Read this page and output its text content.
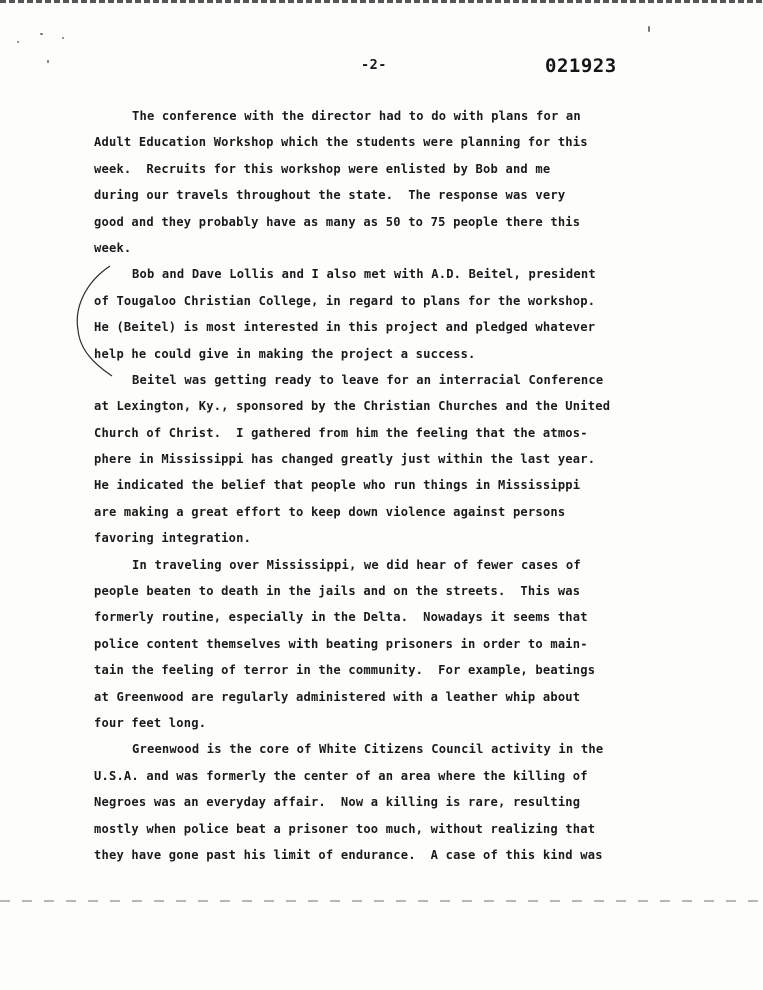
-2-	021923
The conference with the director had to do with plans for an
Adult Education Workshop which the students were planning for this
week.  Recruits for this workshop were enlisted by Bob and me
during our travels throughout the state.  The response was very
good and they probably have as many as 50 to 75 people there this
week.
Bob and Dave Lollis and I also met with A.D. Beitel, president
of Tougaloo Christian College, in regard to plans for the workshop.
He (Beitel) is most interested in this project and pledged whatever
help he could give in making the project a success.
Beitel was getting ready to leave for an interracial Conference
at Lexington, Ky., sponsored by the Christian Churches and the United
Church of Christ.  I gathered from him the feeling that the atmos-
phere in Mississippi has changed greatly just within the last year.
He indicated the belief that people who run things in Mississippi
are making a great effort to keep down violence against persons
favoring integration.
In traveling over Mississippi, we did hear of fewer cases of
people beaten to death in the jails and on the streets.  This was
formerly routine, especially in the Delta.  Nowadays it seems that
police content themselves with beating prisoners in order to main-
tain the feeling of terror in the community.  For example, beatings
at Greenwood are regularly administered with a leather whip about
four feet long.
Greenwood is the core of White Citizens Council activity in the
U.S.A. and was formerly the center of an area where the killing of
Negroes was an everyday affair.  Now a killing is rare, resulting
mostly when police beat a prisoner too much, without realizing that
they have gone past his limit of endurance.  A case of this kind was
